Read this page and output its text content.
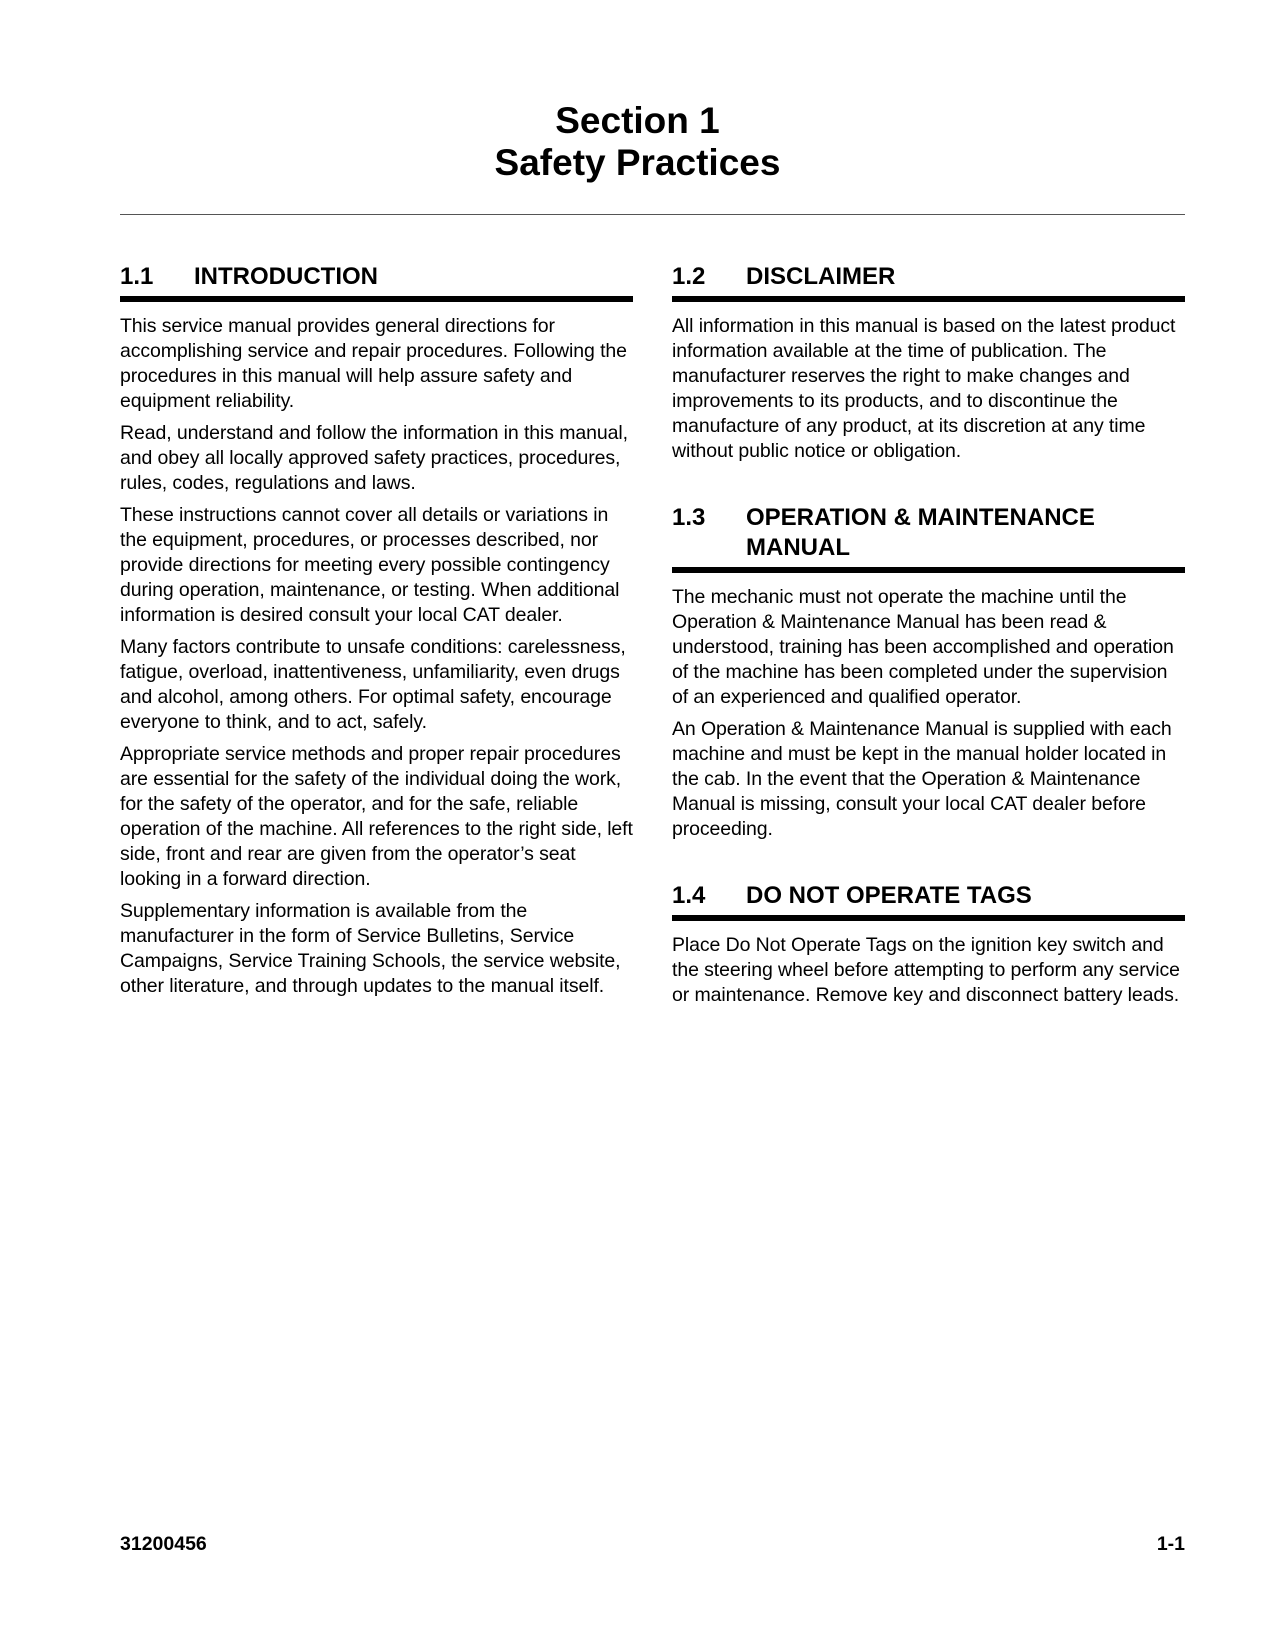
Section 1
Safety Practices
1.1	INTRODUCTION

This service manual provides general directions for accomplishing service and repair procedures. Following the procedures in this manual will help assure safety and equipment reliability.

Read, understand and follow the information in this manual, and obey all locally approved safety practices, procedures, rules, codes, regulations and laws.

These instructions cannot cover all details or variations in the equipment, procedures, or processes described, nor provide directions for meeting every possible contingency during operation, maintenance, or testing. When additional information is desired consult your local CAT dealer.

Many factors contribute to unsafe conditions: carelessness, fatigue, overload, inattentiveness, unfamiliarity, even drugs and alcohol, among others. For optimal safety, encourage everyone to think, and to act, safely.

Appropriate service methods and proper repair procedures are essential for the safety of the individual doing the work, for the safety of the operator, and for the safe, reliable operation of the machine. All references to the right side, left side, front and rear are given from the operator’s seat looking in a forward direction.

Supplementary information is available from the manufacturer in the form of Service Bulletins, Service Campaigns, Service Training Schools, the service website, other literature, and through updates to the manual itself.

1.2	DISCLAIMER

All information in this manual is based on the latest product information available at the time of publication. The manufacturer reserves the right to make changes and improvements to its products, and to discontinue the manufacture of any product, at its discretion at any time without public notice or obligation.

1.3	OPERATION & MAINTENANCE MANUAL

The mechanic must not operate the machine until the Operation & Maintenance Manual has been read & understood, training has been accomplished and operation of the machine has been completed under the supervision of an experienced and qualified operator.

An Operation & Maintenance Manual is supplied with each machine and must be kept in the manual holder located in the cab. In the event that the Operation & Maintenance Manual is missing, consult your local CAT dealer before proceeding.

1.4	DO NOT OPERATE TAGS

Place Do Not Operate Tags on the ignition key switch and the steering wheel before attempting to perform any service or maintenance. Remove key and disconnect battery leads.

31200456	1-1
